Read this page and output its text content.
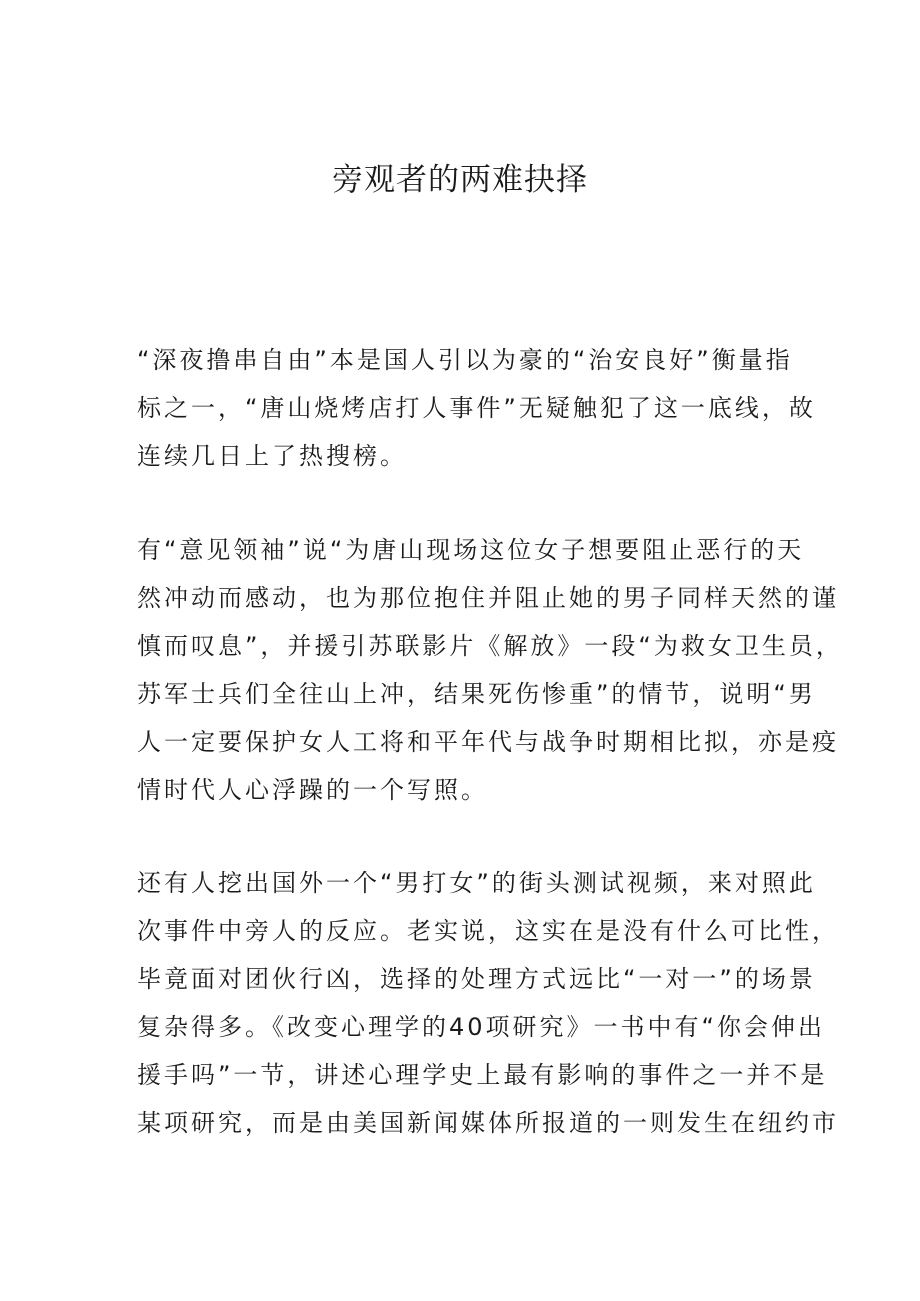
旁观者的两难抉择
“深夜撸串自由”本是国人引以为豪的“治安良好”衡量指
标之一，“唐山烧烤店打人事件”无疑触犯了这一底线，故
连续几日上了热搜榜。
有“意见领袖”说“为唐山现场这位女子想要阻止恶行的天
然冲动而感动，也为那位抱住并阻止她的男子同样天然的谨
慎而叹息”，并援引苏联影片《解放》一段“为救女卫生员，
苏军士兵们全往山上冲，结果死伤惨重”的情节，说明“男
人一定要保护女人工将和平年代与战争时期相比拟，亦是疫
情时代人心浮躁的一个写照。
还有人挖出国外一个“男打女”的街头测试视频，来对照此
次事件中旁人的反应。老实说，这实在是没有什么可比性，
毕竟面对团伙行凶，选择的处理方式远比“一对一”的场景
复杂得多。《改变心理学的40项研究》一书中有“你会伸出
援手吗”一节，讲述心理学史上最有影响的事件之一并不是
某项研究，而是由美国新闻媒体所报道的一则发生在纽约市
